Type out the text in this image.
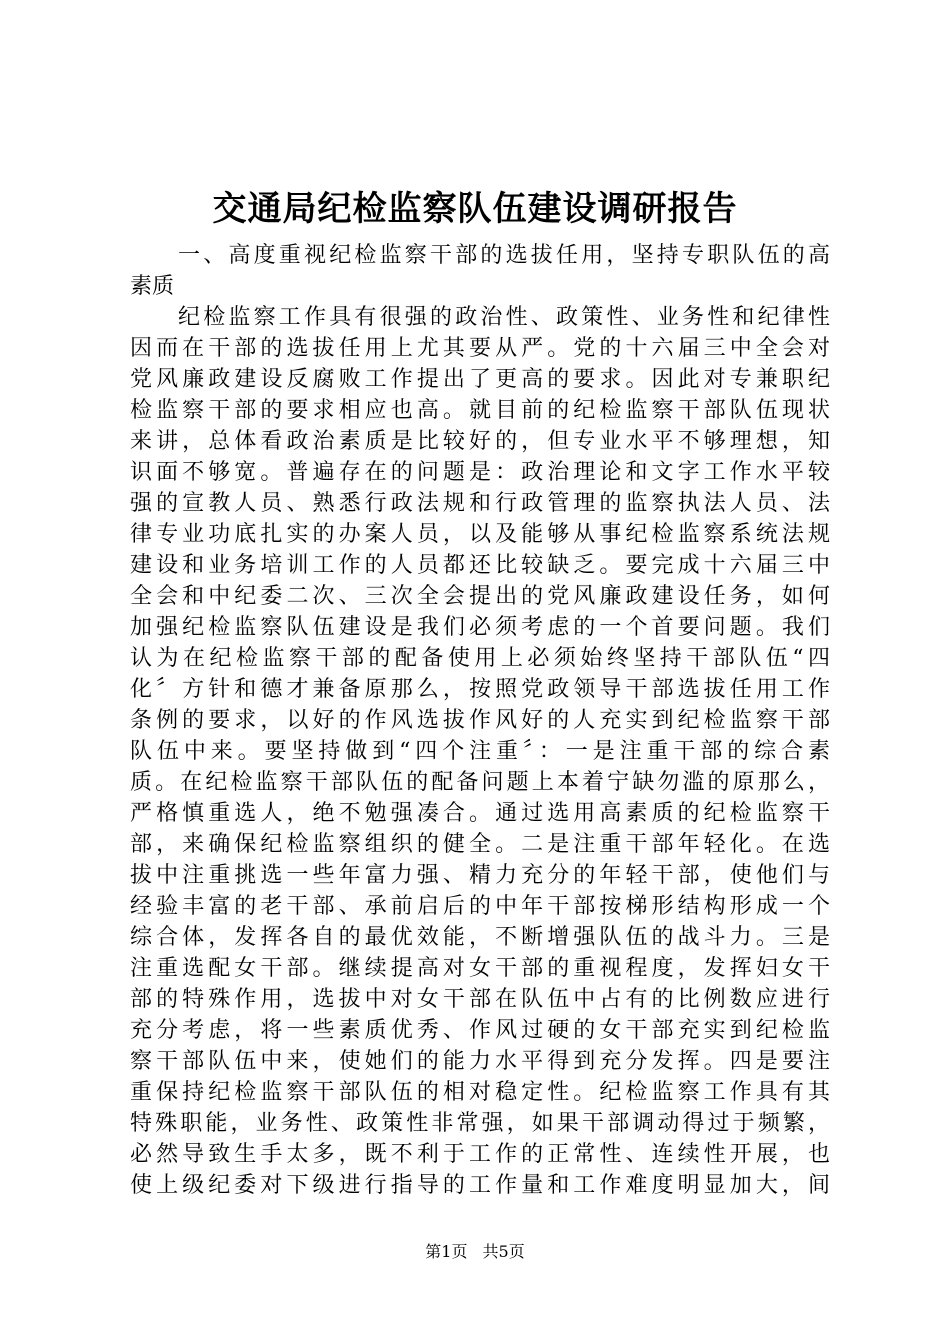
交通局纪检监察队伍建设调研报告
一、高度重视纪检监察干部的选拔任用，坚持专职队伍的高
素质
纪检监察工作具有很强的政治性、政策性、业务性和纪律性
因而在干部的选拔任用上尤其要从严。党的十六届三中全会对
党风廉政建设反腐败工作提出了更高的要求。因此对专兼职纪
检监察干部的要求相应也高。就目前的纪检监察干部队伍现状
来讲，总体看政治素质是比较好的，但专业水平不够理想，知
识面不够宽。普遍存在的问题是：政治理论和文字工作水平较
强的宣教人员、熟悉行政法规和行政管理的监察执法人员、法
律专业功底扎实的办案人员，以及能够从事纪检监察系统法规
建设和业务培训工作的人员都还比较缺乏。要完成十六届三中
全会和中纪委二次、三次全会提出的党风廉政建设任务，如何
加强纪检监察队伍建设是我们必须考虑的一个首要问题。我们
认为在纪检监察干部的配备使用上必须始终坚持干部队伍“四
化〞方针和德才兼备原那么，按照党政领导干部选拔任用工作
条例的要求，以好的作风选拔作风好的人充实到纪检监察干部
队伍中来。要坚持做到“四个注重〞：一是注重干部的综合素
质。在纪检监察干部队伍的配备问题上本着宁缺勿滥的原那么，
严格慎重选人，绝不勉强凑合。通过选用高素质的纪检监察干
部，来确保纪检监察组织的健全。二是注重干部年轻化。在选
拔中注重挑选一些年富力强、精力充分的年轻干部，使他们与
经验丰富的老干部、承前启后的中年干部按梯形结构形成一个
综合体，发挥各自的最优效能，不断增强队伍的战斗力。三是
注重选配女干部。继续提高对女干部的重视程度，发挥妇女干
部的特殊作用，选拔中对女干部在队伍中占有的比例数应进行
充分考虑，将一些素质优秀、作风过硬的女干部充实到纪检监
察干部队伍中来，使她们的能力水平得到充分发挥。四是要注
重保持纪检监察干部队伍的相对稳定性。纪检监察工作具有其
特殊职能，业务性、政策性非常强，如果干部调动得过于频繁，
必然导致生手太多，既不利于工作的正常性、连续性开展，也
使上级纪委对下级进行指导的工作量和工作难度明显加大，间
第1页 共5页
